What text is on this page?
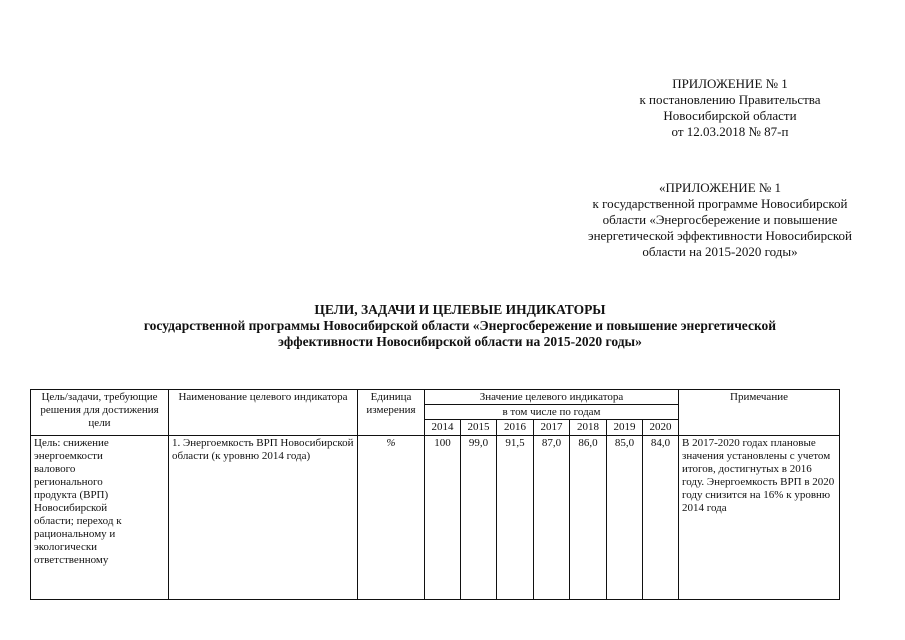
ПРИЛОЖЕНИЕ № 1
к постановлению Правительства
Новосибирской области
от 12.03.2018 № 87-п
«ПРИЛОЖЕНИЕ № 1
к государственной программе Новосибирской
области «Энергосбережение и повышение
энергетической эффективности Новосибирской
области на 2015-2020 годы»
ЦЕЛИ, ЗАДАЧИ И ЦЕЛЕВЫЕ ИНДИКАТОРЫ
государственной программы Новосибирской области «Энергосбережение и повышение энергетической
эффективности Новосибирской области на 2015-2020 годы»
Цель/задачи, требующие решения для достижения цели	Наименование целевого индикатора	Единица измерения	Значение целевого индикатора							Примечание
			в том числе по годам							
			2014	2015	2016	2017	2018	2019	2020	
Цель: снижение энергоемкости валового регионального продукта (ВРП) Новосибирской области; переход к рациональному и экологически ответственному	1. Энергоемкость ВРП Новосибирской области (к уровню 2014 года)	%	100	99,0	91,5	87,0	86,0	85,0	84,0	В 2017-2020 годах плановые значения установлены с учетом итогов, достигнутых в 2016 году. Энергоемкость ВРП в 2020 году снизится на 16% к уровню 2014 года
